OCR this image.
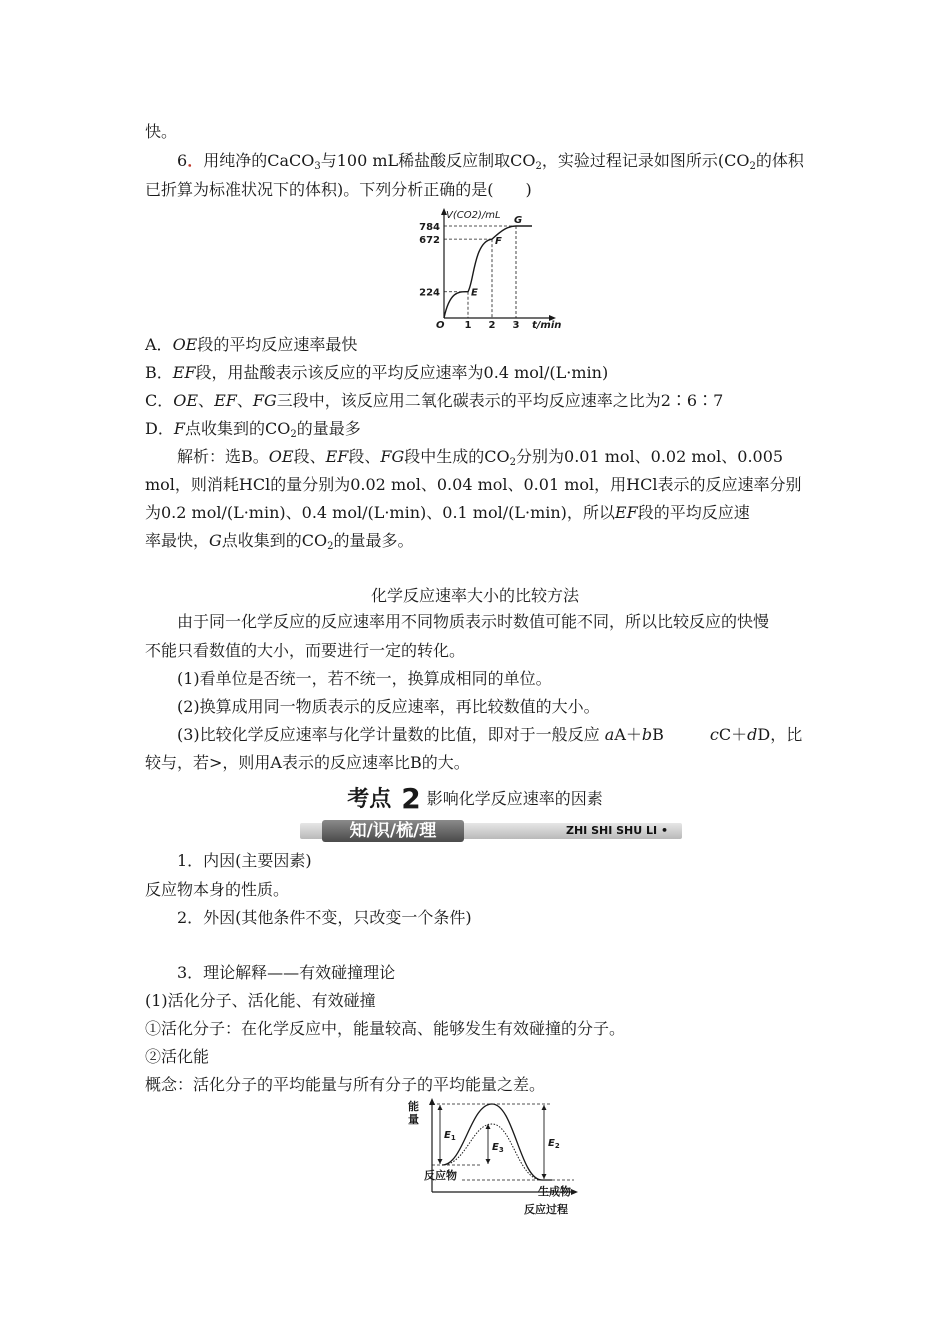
快。
6．用纯净的CaCO$_3$与100 mL稀盐酸反应制取$CO_2$，实验过程记录如图所示($CO_2$的体积
已折算为标准状况下的体积)。下列分析正确的是(　　)
V(CO2)/mL
t/min
O 1 2 3
224
672
784
E
F
G
A．OE段的平均反应速率最快
B．EF段，用盐酸表示该反应的平均反应速率为0.4 mol/(L·min)
C．OE、EF、FG三段中，该反应用二氧化碳表示的平均反应速率之比为2∶6∶7
D．F点收集到的$CO_2$的量最多
解析：选B。OE段、EF段、FG段中生成的$CO_2$分别为0.01 mol、0.02 mol、0.005
mol，则消耗HCl的量分别为0.02 mol、0.04 mol、0.01 mol，用HCl表示的反应速率分别
为0.2 mol/(L·min)、0.4 mol/(L·min)、0.1 mol/(L·min)，所以EF段的平均反应速
率最快，G点收集到的$CO_2$的量最多。
化学反应速率大小的比较方法
由于同一化学反应的反应速率用不同物质表示时数值可能不同，所以比较反应的快慢
不能只看数值的大小，而要进行一定的转化。
(1)看单位是否统一，若不统一，换算成相同的单位。
(2)换算成用同一物质表示的反应速率，再比较数值的大小。
(3)比较化学反应速率与化学计量数的比值，即对于一般反应 aA＋bB	cC＋dD，比
较与，若>，则用A表示的反应速率比B的大。
考点 2 影响化学反应速率的因素
知/识/梳/理	ZHI SHI SHU LI •
1．内因(主要因素)
反应物本身的性质。
2．外因(其他条件不变，只改变一个条件)
3．理论解释——有效碰撞理论
(1)活化分子、活化能、有效碰撞
①活化分子：在化学反应中，能量较高、能够发生有效碰撞的分子。
②活化能
概念：活化分子的平均能量与所有分子的平均能量之差。
能
量
反应物
生成物
反应过程
$E_1$	$E_2$
$E_3$
